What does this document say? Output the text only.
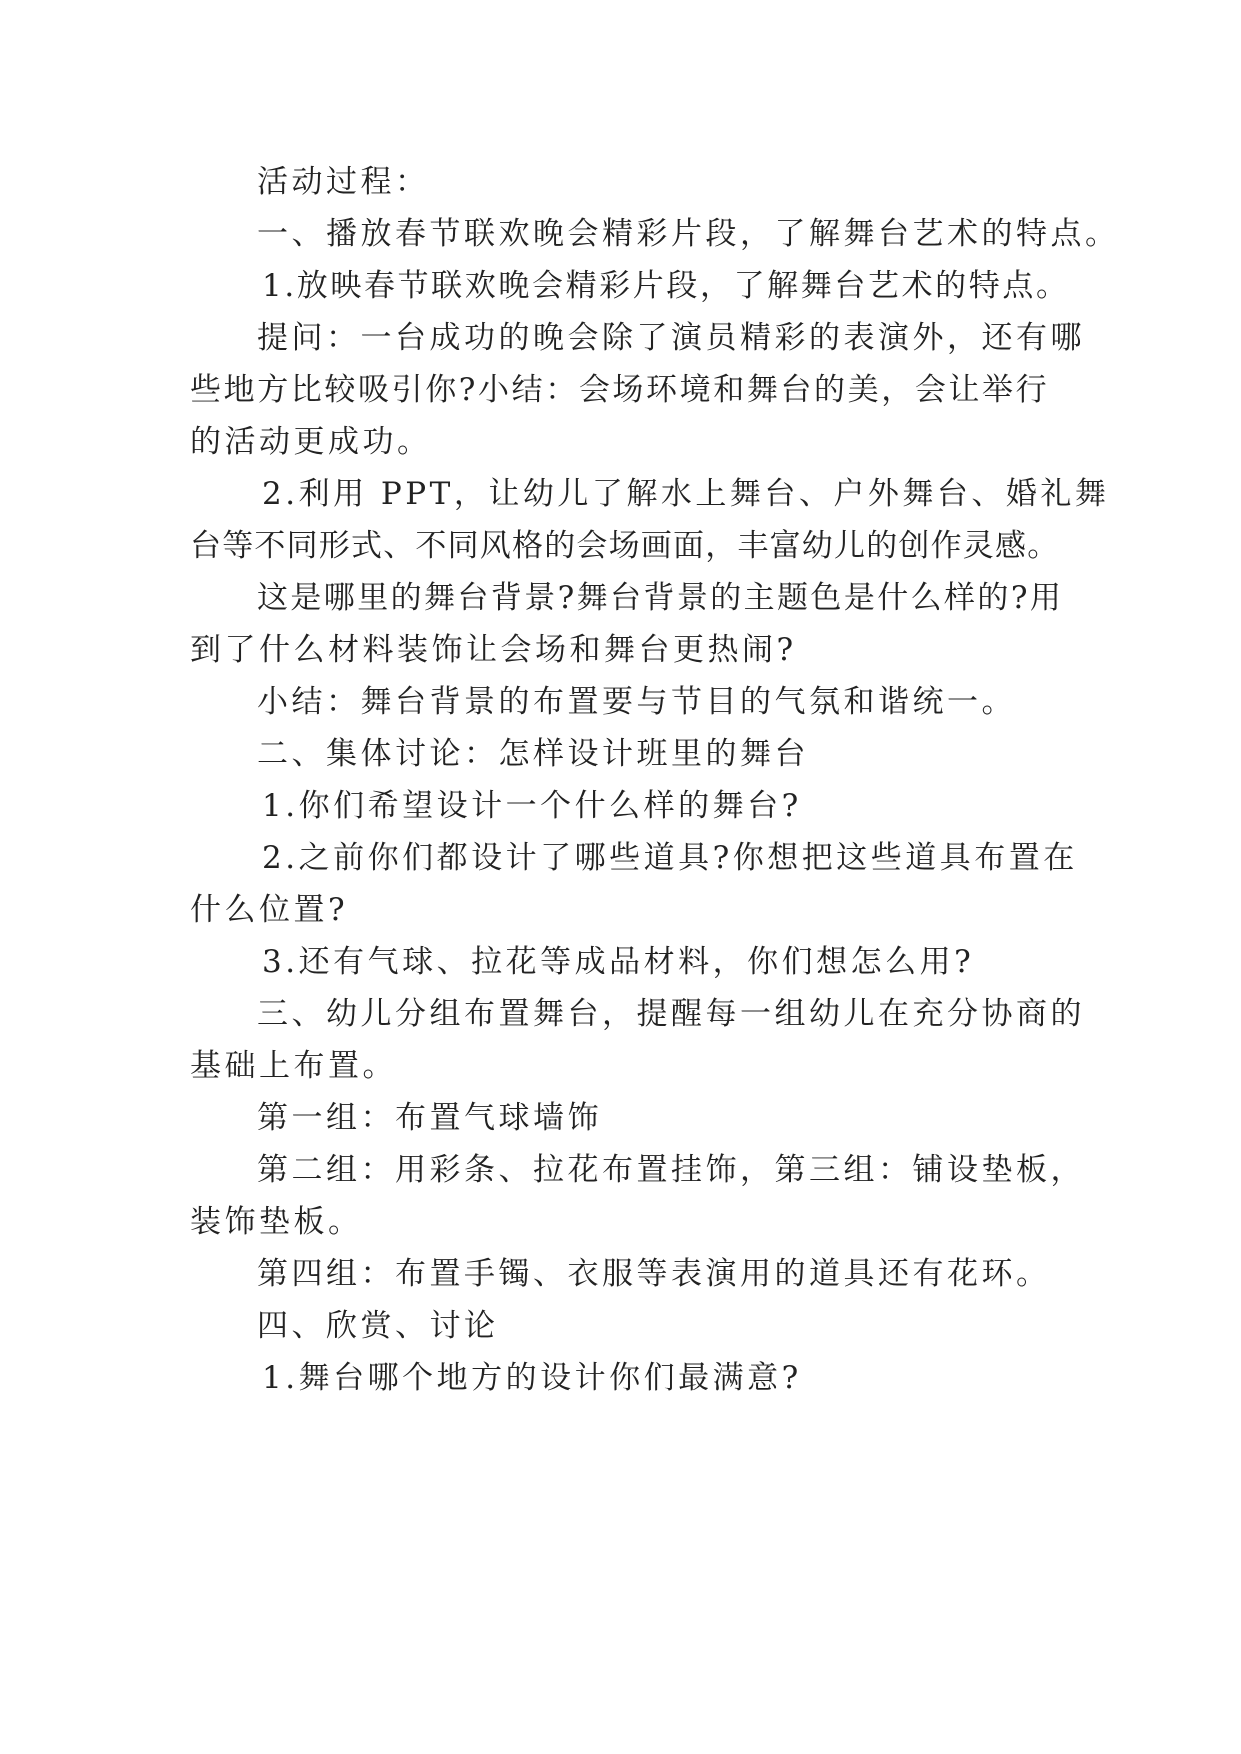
活动过程：
一、播放春节联欢晚会精彩片段，了解舞台艺术的特点。
1.放映春节联欢晚会精彩片段，了解舞台艺术的特点。
提问：一台成功的晚会除了演员精彩的表演外，还有哪
些地方比较吸引你?小结：会场环境和舞台的美，会让举行
的活动更成功。
2.利用 PPT，让幼儿了解水上舞台、户外舞台、婚礼舞
台等不同形式、不同风格的会场画面，丰富幼儿的创作灵感。
这是哪里的舞台背景?舞台背景的主题色是什么样的?用
到了什么材料装饰让会场和舞台更热闹?
小结：舞台背景的布置要与节目的气氛和谐统一。
二、集体讨论：怎样设计班里的舞台
1.你们希望设计一个什么样的舞台?
2.之前你们都设计了哪些道具?你想把这些道具布置在
什么位置?
3.还有气球、拉花等成品材料，你们想怎么用?
三、幼儿分组布置舞台，提醒每一组幼儿在充分协商的
基础上布置。
第一组：布置气球墙饰
第二组：用彩条、拉花布置挂饰，第三组：铺设垫板，
装饰垫板。
第四组：布置手镯、衣服等表演用的道具还有花环。
四、欣赏、讨论
1.舞台哪个地方的设计你们最满意?
